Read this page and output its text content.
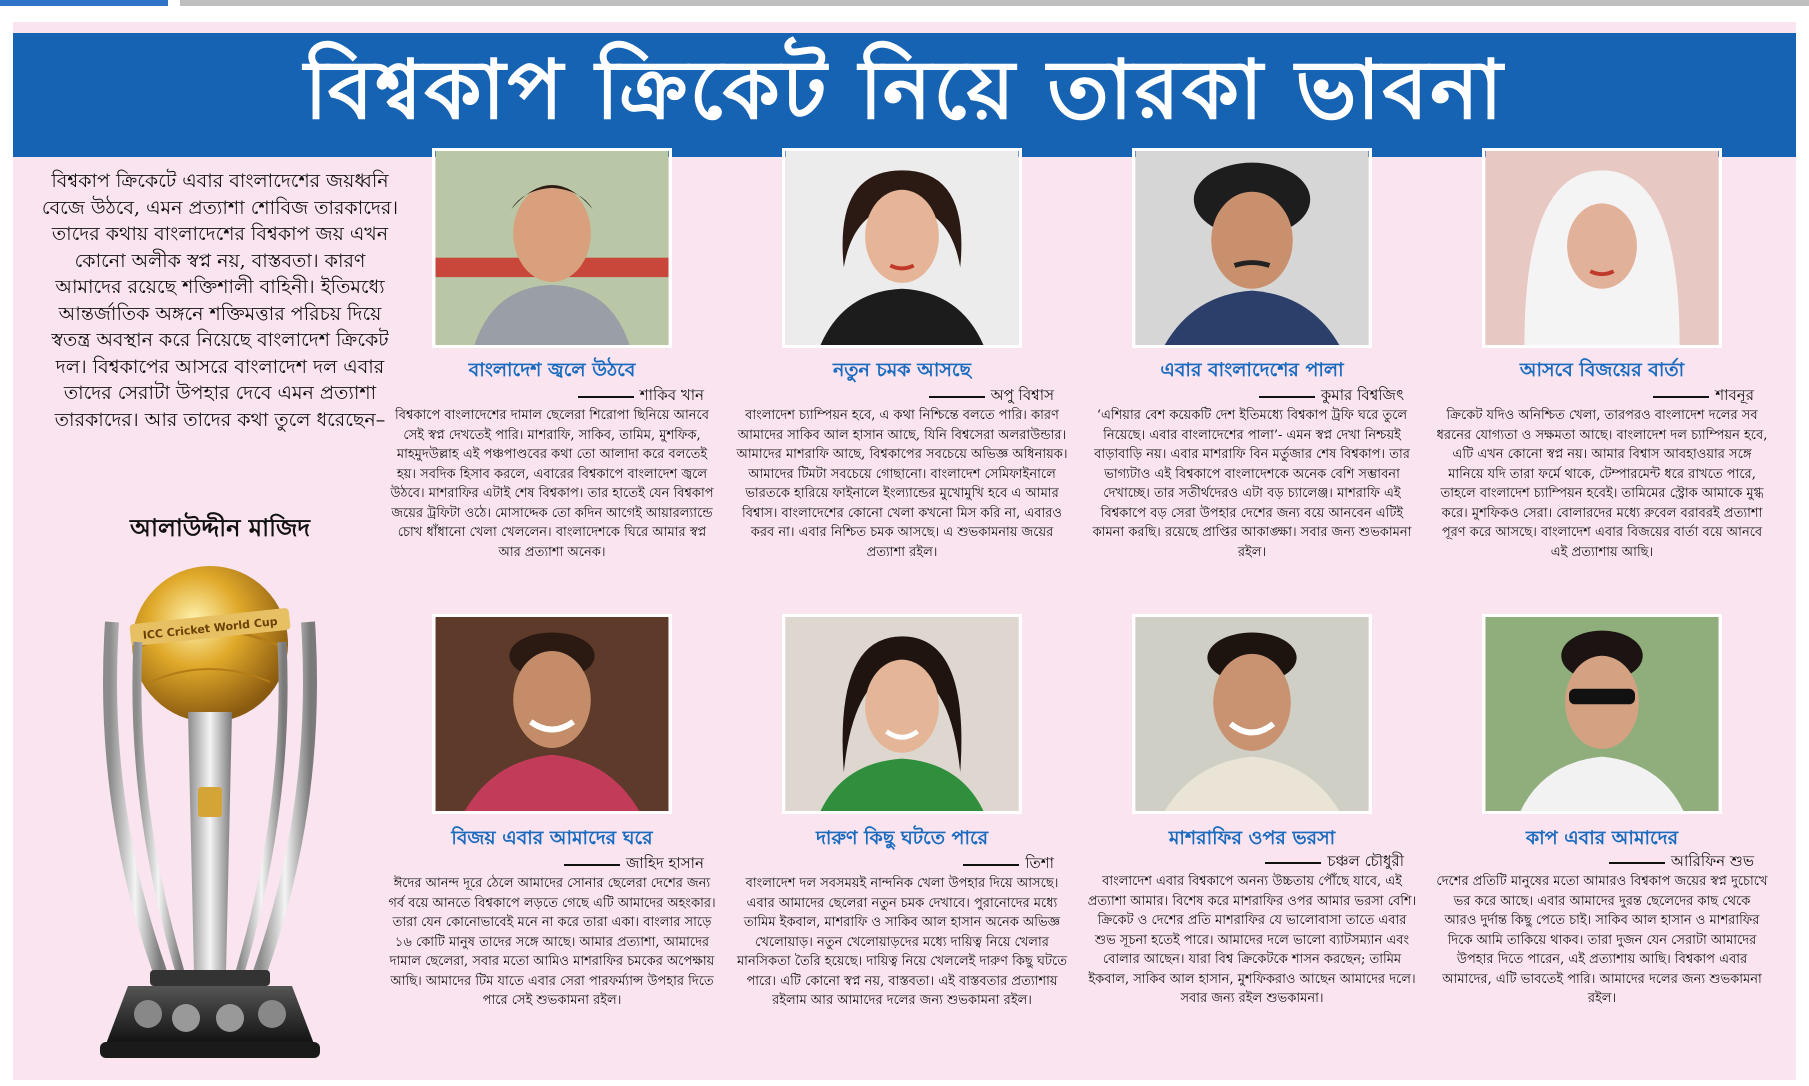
বিশ্বকাপ ক্রিকেট নিয়ে তারকা ভাবনা
বিশ্বকাপ ক্রিকেটে এবার বাংলাদেশের জয়ধ্বনি বেজে উঠবে, এমন প্রত্যাশা শোবিজ তারকাদের। তাদের কথায় বাংলাদেশের বিশ্বকাপ জয় এখন কোনো অলীক স্বপ্ন নয়, বাস্তবতা। কারণ আমাদের রয়েছে শক্তিশালী বাহিনী। ইতিমধ্যে আন্তর্জাতিক অঙ্গনে শক্তিমত্তার পরিচয় দিয়ে স্বতন্ত্র অবস্থান করে নিয়েছে বাংলাদেশ ক্রিকেট দল। বিশ্বকাপের আসরে বাংলাদেশ দল এবার তাদের সেরাটা উপহার দেবে এমন প্রত্যাশা তারকাদের। আর তাদের কথা তুলে ধরেছেন–
আলাউদ্দীন মাজিদ
ICC Cricket World Cup
বাংলাদেশ জ্বলে উঠবে
শাকিব খান
বিশ্বকাপে বাংলাদেশের দামাল ছেলেরা শিরোপা ছিনিয়ে আনবে সেই স্বপ্ন দেখতেই পারি। মাশরাফি, সাকিব, তামিম, মুশফিক, মাহমুদউল্লাহ এই পঞ্চপাণ্ডবের কথা তো আলাদা করে বলতেই হয়। সবদিক হিসাব করলে, এবারের বিশ্বকাপে বাংলাদেশ জ্বলে উঠবে। মাশরাফির এটাই শেষ বিশ্বকাপ। তার হাতেই যেন বিশ্বকাপ জয়ের ট্রফিটা ওঠে। মোসাদ্দেক তো কদিন আগেই আয়ারল্যান্ডে চোখ ধাঁধানো খেলা খেললেন। বাংলাদেশকে ঘিরে আমার স্বপ্ন আর প্রত্যাশা অনেক।
নতুন চমক আসছে
অপু বিশ্বাস
বাংলাদেশ চ্যাম্পিয়ন হবে, এ কথা নিশ্চিন্তে বলতে পারি। কারণ আমাদের সাকিব আল হাসান আছে, যিনি বিশ্বসেরা অলরাউন্ডার। আমাদের মাশরাফি আছে, বিশ্বকাপের সবচেয়ে অভিজ্ঞ অধিনায়ক। আমাদের টিমটা সবচেয়ে গোছানো। বাংলাদেশ সেমিফাইনালে ভারতকে হারিয়ে ফাইনালে ইংল্যান্ডের মুখোমুখি হবে এ আমার বিশ্বাস। বাংলাদেশের কোনো খেলা কখনো মিস করি না, এবারও করব না। এবার নিশ্চিত চমক আসছে। এ শুভকামনায় জয়ের প্রত্যাশা রইল।
এবার বাংলাদেশের পালা
কুমার বিশ্বজিৎ
‘এশিয়ার বেশ কয়েকটি দেশ ইতিমধ্যে বিশ্বকাপ ট্রফি ঘরে তুলে নিয়েছে। এবার বাংলাদেশের পালা’- এমন স্বপ্ন দেখা নিশ্চয়ই বাড়াবাড়ি নয়। এবার মাশরাফি বিন মর্তুজার শেষ বিশ্বকাপ। তার ভাগ্যটাও এই বিশ্বকাপে বাংলাদেশকে অনেক বেশি সম্ভাবনা দেখাচ্ছে। তার সতীর্থদেরও এটা বড় চ্যালেঞ্জ। মাশরাফি এই বিশ্বকাপে বড় সেরা উপহার দেশের জন্য বয়ে আনবেন এটিই কামনা করছি। রয়েছে প্রাপ্তির আকাঙ্ক্ষা। সবার জন্য শুভকামনা রইল।
আসবে বিজয়ের বার্তা
শাবনূর
ক্রিকেট যদিও অনিশ্চিত খেলা, তারপরও বাংলাদেশ দলের সব ধরনের যোগ্যতা ও সক্ষমতা আছে। বাংলাদেশ দল চ্যাম্পিয়ন হবে, এটি এখন কোনো স্বপ্ন নয়। আমার বিশ্বাস আবহাওয়ার সঙ্গে মানিয়ে যদি তারা ফর্মে থাকে, টেম্পারমেন্ট ধরে রাখতে পারে, তাহলে বাংলাদেশ চ্যাম্পিয়ন হবেই। তামিমের স্ট্রোক আমাকে মুগ্ধ করে। মুশফিকও সেরা। বোলারদের মধ্যে রুবেল বরাবরই প্রত্যাশা পূরণ করে আসছে। বাংলাদেশ এবার বিজয়ের বার্তা বয়ে আনবে এই প্রত্যাশায় আছি।
বিজয় এবার আমাদের ঘরে
জাহিদ হাসান
ঈদের আনন্দ দূরে ঠেলে আমাদের সোনার ছেলেরা দেশের জন্য গর্ব বয়ে আনতে বিশ্বকাপে লড়তে গেছে এটি আমাদের অহংকার। তারা যেন কোনোভাবেই মনে না করে তারা একা। বাংলার সাড়ে ১৬ কোটি মানুষ তাদের সঙ্গে আছে। আমার প্রত্যাশা, আমাদের দামাল ছেলেরা, সবার মতো আমিও মাশরাফির চমকের অপেক্ষায় আছি। আমাদের টিম যাতে এবার সেরা পারফর্ম্যান্স উপহার দিতে পারে সেই শুভকামনা রইল।
দারুণ কিছু ঘটতে পারে
তিশা
বাংলাদেশ দল সবসময়ই নান্দনিক খেলা উপহার দিয়ে আসছে। এবার আমাদের ছেলেরা নতুন চমক দেখাবে। পুরানোদের মধ্যে তামিম ইকবাল, মাশরাফি ও সাকিব আল হাসান অনেক অভিজ্ঞ খেলোয়াড়। নতুন খেলোয়াড়দের মধ্যে দায়িত্ব নিয়ে খেলার মানসিকতা তৈরি হয়েছে। দায়িত্ব নিয়ে খেললেই দারুণ কিছু ঘটতে পারে। এটি কোনো স্বপ্ন নয়, বাস্তবতা। এই বাস্তবতার প্রত্যাশায় রইলাম আর আমাদের দলের জন্য শুভকামনা রইল।
মাশরাফির ওপর ভরসা
চঞ্চল চৌধুরী
বাংলাদেশ এবার বিশ্বকাপে অনন্য উচ্চতায় পৌঁছে যাবে, এই প্রত্যাশা আমার। বিশেষ করে মাশরাফির ওপর আমার ভরসা বেশি। ক্রিকেট ও দেশের প্রতি মাশরাফির যে ভালোবাসা তাতে এবার শুভ সূচনা হতেই পারে। আমাদের দলে ভালো ব্যাটসম্যান এবং বোলার আছেন। যারা বিশ্ব ক্রিকেটকে শাসন করছেন; তামিম ইকবাল, সাকিব আল হাসান, মুশফিকরাও আছেন আমাদের দলে। সবার জন্য রইল শুভকামনা।
কাপ এবার আমাদের
আরিফিন শুভ
দেশের প্রতিটি মানুষের মতো আমারও বিশ্বকাপ জয়ের স্বপ্ন দুচোখে ভর করে আছে। এবার আমাদের দুরন্ত ছেলেদের কাছ থেকে আরও দুর্দান্ত কিছু পেতে চাই। সাকিব আল হাসান ও মাশরাফির দিকে আমি তাকিয়ে থাকব। তারা দুজন যেন সেরাটা আমাদের উপহার দিতে পারেন, এই প্রত্যাশায় আছি। বিশ্বকাপ এবার আমাদের, এটি ভাবতেই পারি। আমাদের দলের জন্য শুভকামনা রইল।
